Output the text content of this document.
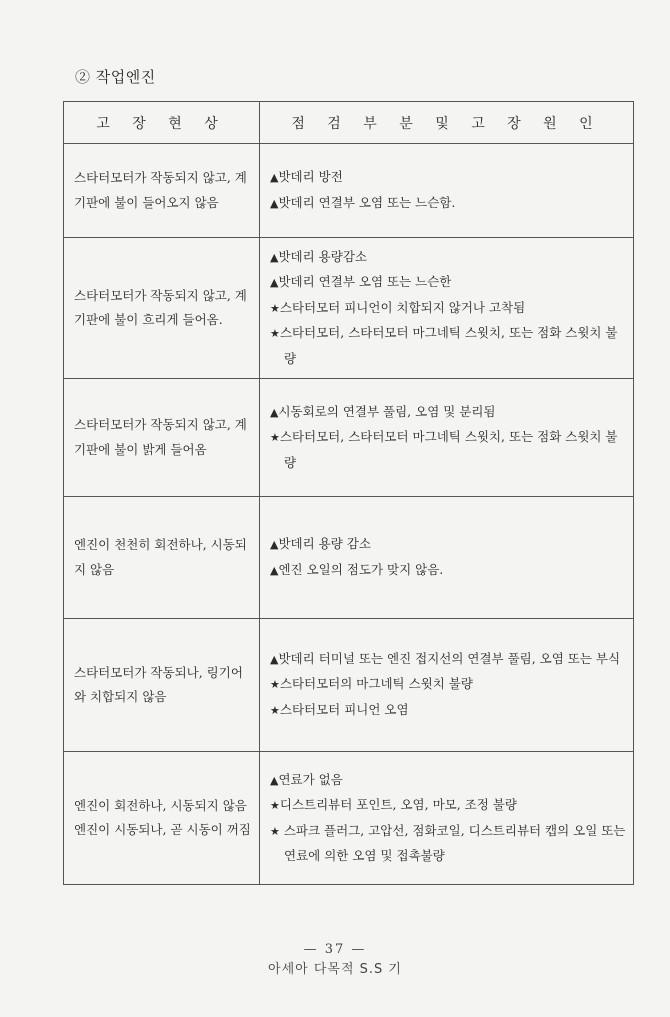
② 작업엔진
고 장 현 상	점 검 부 분 및 고 장 원 인
스타터모터가 작동되지 않고, 계기판에 불이 들어오지 않음	▲밧데리 방전
▲밧데리 연결부 오염 또는 느슨함.

스타터모터가 작동되지 않고, 계기판에 불이 흐리게 들어옴.	▲밧데리 용량감소
▲밧데리 연결부 오염 또는 느슨한
★스타터모터 피니언이 치합되지 않거나 고착됨
★스타터모터, 스타터모터 마그네틱 스윗치, 또는 점화 스윗치 불량

스타터모터가 작동되지 않고, 계기판에 불이 밝게 들어옴	▲시동회로의 연결부 풀림, 오염 및 분리됨
★스타터모터, 스타터모터 마그네틱 스윗치, 또는 점화 스윗치 불량

엔진이 천천히 회전하나, 시동되지 않음	▲밧데리 용량 감소
▲엔진 오일의 점도가 맞지 않음.

스타터모터가 작동되나, 링기어와 치합되지 않음	▲밧데리 터미널 또는 엔진 접지선의 연결부 풀림, 오염 또는 부식
★스타터모터의 마그네틱 스윗치 불량
★스타터모터 피니언 오염

엔진이 회전하나, 시동되지 않음 엔진이 시동되나, 곧 시동이 꺼짐	▲연료가 없음
★디스트리뷰터 포인트, 오염, 마모, 조정 불량
★ 스파크 플러그, 고압선, 점화코일, 디스트리뷰터 캡의 오일 또는 연료에 의한 오염 및 접촉불량
— 37 —
아세아 다목적 S.S 기
